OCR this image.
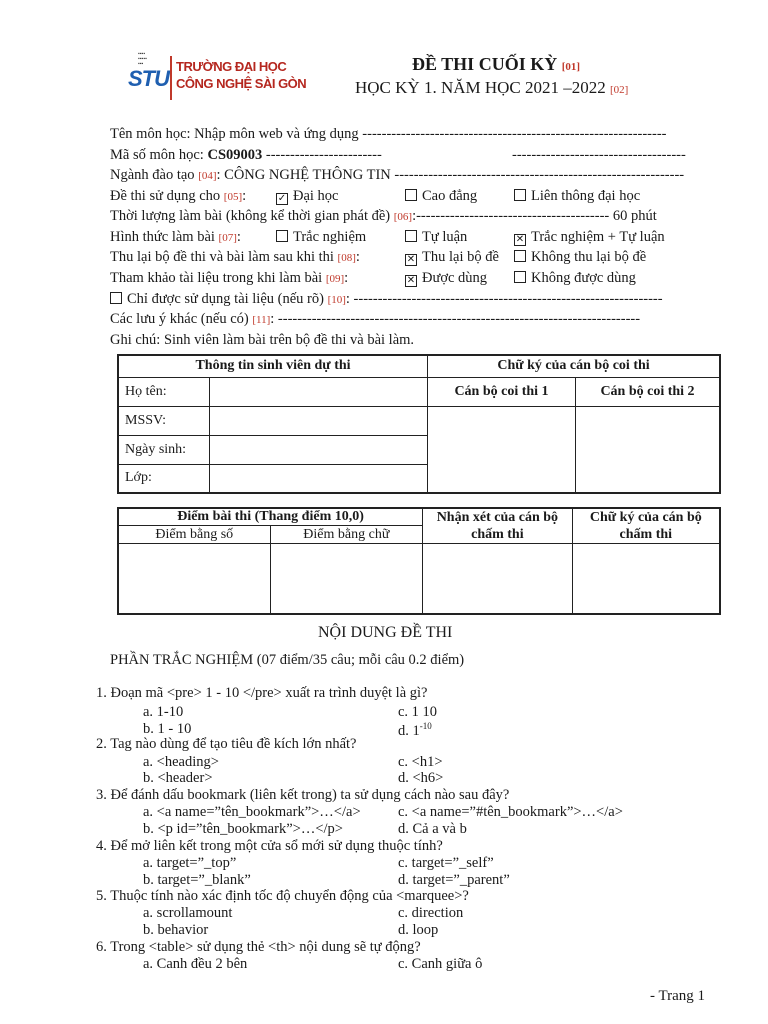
▪▪▪▪
▪▪▪▪▪
▪▪▪
STU TRƯỜNG ĐẠI HỌC
CÔNG NGHỆ SÀI GÒN
ĐỀ THI CUỐI KỲ [01]
HỌC KỲ 1. NĂM HỌC 2021 –2022 [02]
Tên môn học: Nhập môn web và ứng dụng ---------------------------------------------------------------
Mã số môn học: CS09003 ------------------------	------------------------------------
Ngành đào tạo [04]: CÔNG NGHỆ THÔNG TIN ------------------------------------------------------------
Đề thi sử dụng cho [05]:	✓ Đại học	Cao đẳng	Liên thông đại học
Thời lượng làm bài (không kể thời gian phát đề) [06]:---------------------------------------- 60 phút
Hình thức làm bài [07]:	Trắc nghiệm	Tự luận	✕ Trắc nghiệm + Tự luận
Thu lại bộ đề thi và bài làm sau khi thi [08]:	✕ Thu lại bộ đề	Không thu lại bộ đề
Tham khảo tài liệu trong khi làm bài [09]:	✕ Được dùng	Không được dùng
Chỉ được sử dụng tài liệu (nếu rõ) [10]: ----------------------------------------------------------------
Các lưu ý khác (nếu có) [11]: ---------------------------------------------------------------------------
Ghi chú: Sinh viên làm bài trên bộ đề thi và bài làm.
Thông tin sinh viên dự thi		Chữ ký của cán bộ coi thi	
Họ tên:		Cán bộ coi thi 1	Cán bộ coi thi 2
MSSV:			
Ngày sinh:			
Lớp:			
Điểm bài thi (Thang điểm 10,0)		Nhận xét của cán bộ chấm thi	Chữ ký của cán bộ chấm thi
Điểm bằng số	Điểm bằng chữ		

NỘI DUNG ĐỀ THI
PHẦN TRẮC NGHIỆM (07 điểm/35 câu; mỗi câu 0.2 điểm)
1. Đoạn mã <pre> 1 - 10 </pre> xuất ra trình duyệt là gì?
a. 1-10	c. 1 10
b. 1 - 10	d. $1^{-10}$
2. Tag nào dùng để tạo tiêu đề kích lớn nhất?
a. <heading>	c. <h1>
b. <header>	d. <h6>
3. Để đánh dấu bookmark (liên kết trong) ta sử dụng cách nào sau đây?
a. <a name=”tên_bookmark”>…</a>	c. <a name=”#tên_bookmark”>…</a>
b. <p id=”tên_bookmark”>…</p>	d. Cả a và b
4. Để mở liên kết trong một cửa sổ mới sử dụng thuộc tính?
a. target=”_top”	c. target=”_self”
b. target=”_blank”	d. target=”_parent”
5. Thuộc tính nào xác định tốc độ chuyển động của <marquee>?
a. scrollamount	c. direction
b. behavior	d. loop
6. Trong <table> sử dụng thẻ <th> nội dung sẽ tự động?
a. Canh đều 2 bên	c. Canh giữa ô
- Trang 1
